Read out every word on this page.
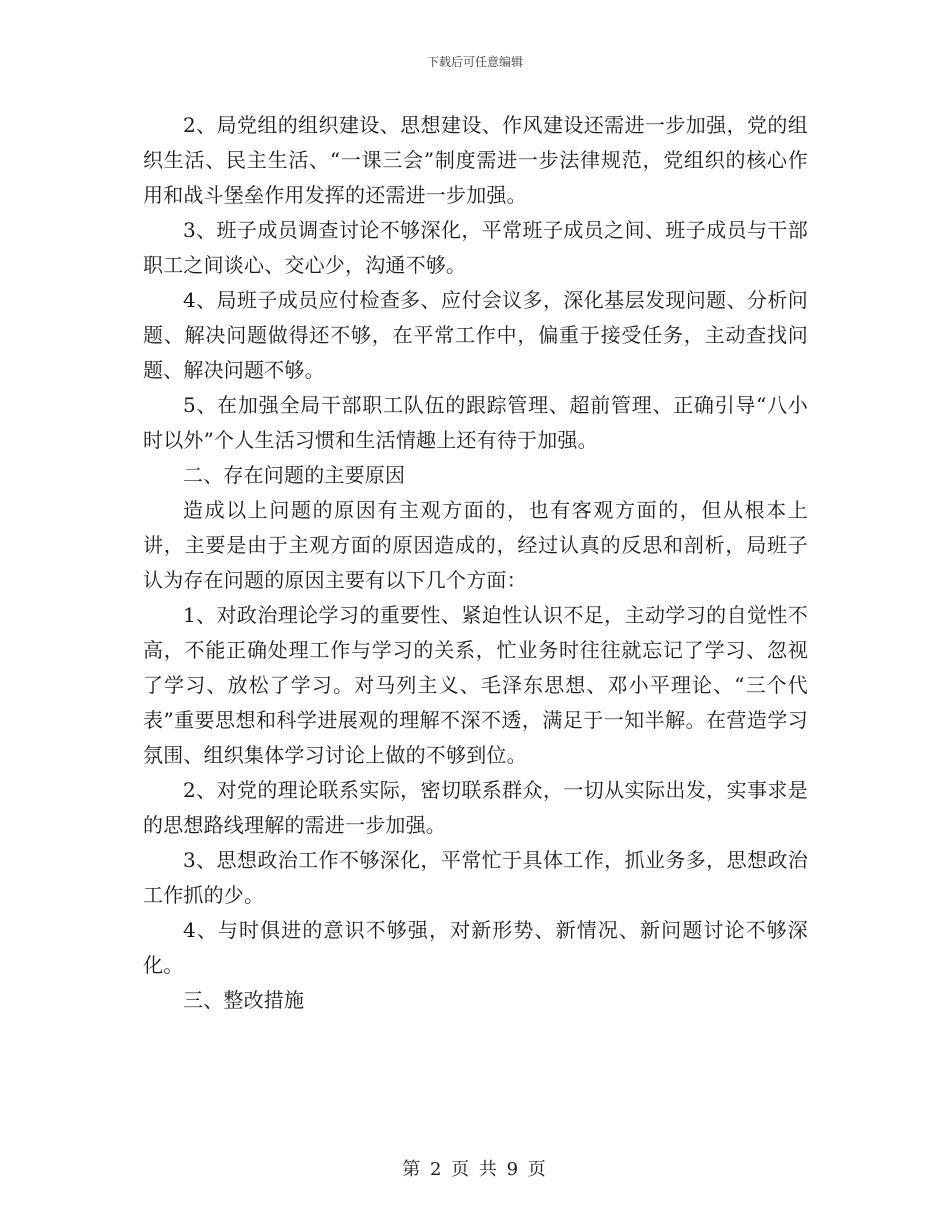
下载后可任意编辑

2、局党组的组织建设、思想建设、作风建设还需进一步加强，党的组织生活、民主生活、“一课三会”制度需进一步法律规范，党组织的核心作用和战斗堡垒作用发挥的还需进一步加强。

3、班子成员调查讨论不够深化，平常班子成员之间、班子成员与干部职工之间谈心、交心少，沟通不够。

4、局班子成员应付检查多、应付会议多，深化基层发现问题、分析问题、解决问题做得还不够，在平常工作中，偏重于接受任务，主动查找问题、解决问题不够。

5、在加强全局干部职工队伍的跟踪管理、超前管理、正确引导“八小时以外”个人生活习惯和生活情趣上还有待于加强。

二、存在问题的主要原因

造成以上问题的原因有主观方面的，也有客观方面的，但从根本上讲，主要是由于主观方面的原因造成的，经过认真的反思和剖析，局班子认为存在问题的原因主要有以下几个方面：

1、对政治理论学习的重要性、紧迫性认识不足，主动学习的自觉性不高，不能正确处理工作与学习的关系，忙业务时往往就忘记了学习、忽视了学习、放松了学习。对马列主义、毛泽东思想、邓小平理论、“三个代表”重要思想和科学进展观的理解不深不透，满足于一知半解。在营造学习氛围、组织集体学习讨论上做的不够到位。

2、对党的理论联系实际，密切联系群众，一切从实际出发，实事求是的思想路线理解的需进一步加强。

3、思想政治工作不够深化，平常忙于具体工作，抓业务多，思想政治工作抓的少。

4、与时俱进的意识不够强，对新形势、新情况、新问题讨论不够深化。

三、整改措施

第 2 页 共 9 页
